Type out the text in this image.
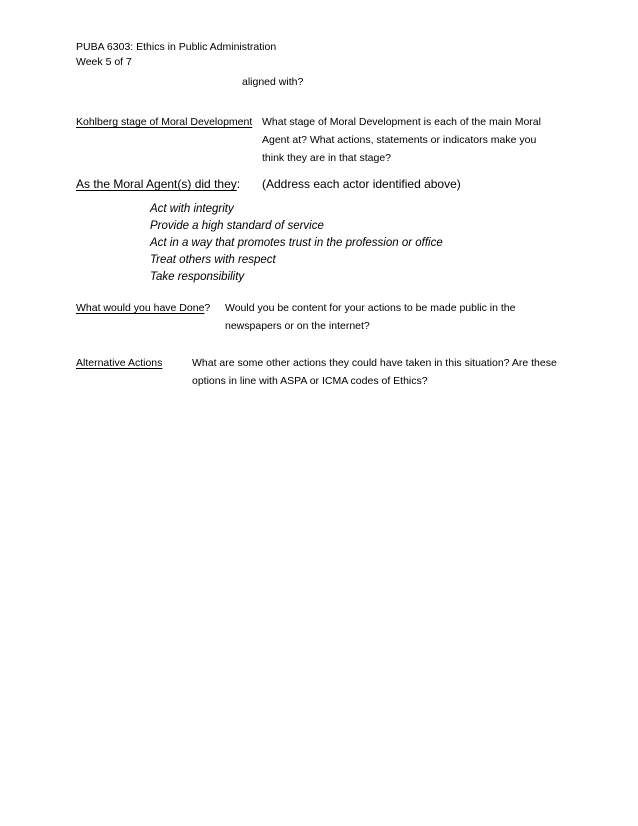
PUBA 6303: Ethics in Public Administration
Week 5 of 7
aligned with?
Kohlberg stage of Moral Development What stage of Moral Development is each of the main Moral
Agent at? What actions, statements or indicators make you
think they are in that stage?
As the Moral Agent(s) did they: (Address each actor identified above)
Act with integrity
Provide a high standard of service
Act in a way that promotes trust in the profession or office
Treat others with respect
Take responsibility
What would you have Done? Would you be content for your actions to be made public in the
newspapers or on the internet?
Alternative Actions	What are some other actions they could have taken in this situation? Are these
options in line with ASPA or ICMA codes of Ethics?
